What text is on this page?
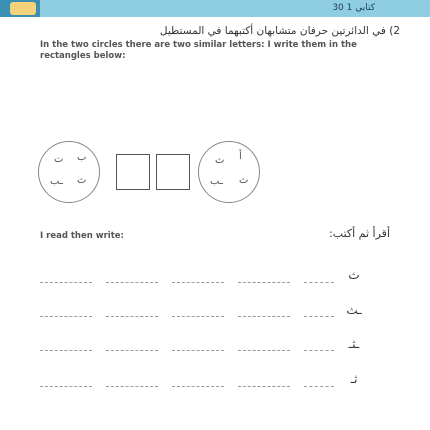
كتابي 1 30
2) في الدائرتين حرفان متشابهان أكتبهما في المستطيل
In the two circles there are two similar letters: I write them in the rectangles below:
ت ب
ـب ث
ث أ
ـب ث
I read then write:	أقرأ ثم أكتب:
ث
ـث
ـثـ
ثـ
